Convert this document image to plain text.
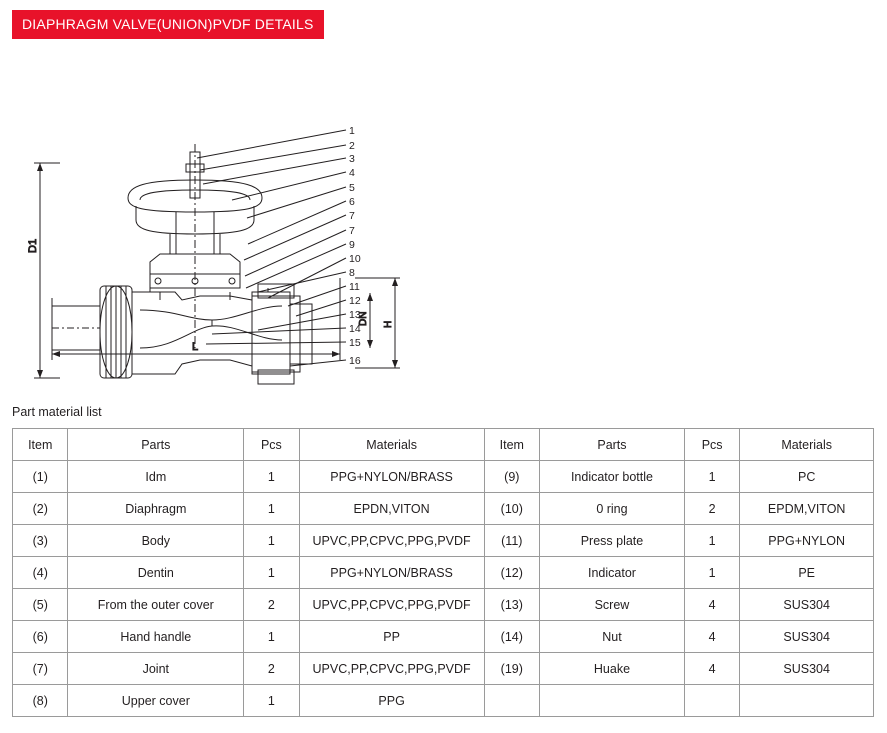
DIAPHRAGM VALVE(UNION)PVDF DETAILS
D1
L
DN H
1
2
3
4
5
6
7
7
9
10
8
11
12
13
14
15
16
Part material list
Item	Parts	Pcs	Materials	Item	Parts	Pcs	Materials
(1)	Idm	1	PPG+NYLON/BRASS	(9)	Indicator bottle	1	PC
(2)	Diaphragm	1	EPDN,VITON	(10)	0 ring	2	EPDM,VITON
(3)	Body	1	UPVC,PP,CPVC,PPG,PVDF	(11)	Press plate	1	PPG+NYLON
(4)	Dentin	1	PPG+NYLON/BRASS	(12)	Indicator	1	PE
(5)	From the outer cover	2	UPVC,PP,CPVC,PPG,PVDF	(13)	Screw	4	SUS304
(6)	Hand handle	1	PP	(14)	Nut	4	SUS304
(7)	Joint	2	UPVC,PP,CPVC,PPG,PVDF	(19)	Huake	4	SUS304
(8)	Upper cover	1	PPG				
